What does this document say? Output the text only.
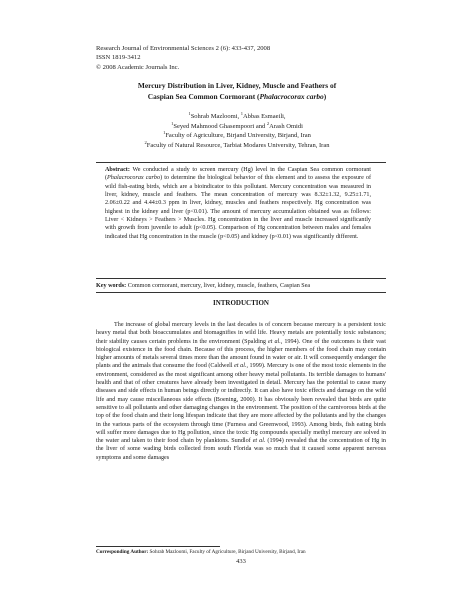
Research Journal of Environmental Sciences 2 (6): 433-437, 2008
ISSN 1819-3412
© 2008 Academic Journals Inc.
Mercury Distribution in Liver, Kidney, Muscle and Feathers of
Caspian Sea Common Cormorant (Phalacrocorax carbo)
$^1$Sohrab Mazloomi, $^1$Abbas Esmaeili,
$^1$Seyed Mahmood Ghasempoori and $^2$Arash Omidi
$^1$Faculty of Agriculture, Birjand University, Birjand, Iran
$^2$Faculty of Natural Resource, Tarbiat Modares University, Tehran, Iran
Abstract: We conducted a study to screen mercury (Hg) level in the Caspian Sea common cormorant (Phalacrocorax carbo) to determine the biological behavior of this element and to assess the exposure of wild fish-eating birds, which are a bioindicator to this pollutant. Mercury concentration was measured in liver, kidney, muscle and feathers. The mean concentration of mercury was 8.32±1.32, 9.25±1.71, 2.06±0.22 and 4.44±0.3 ppm in liver, kidney, muscles and feathers respectively. Hg concentration was highest in the kidney and liver (p<0.01). The amount of mercury accumulation obtained was as follows: Liver < Kidneys > Feathers > Muscles. Hg concentration in the liver and muscle increased significantly with growth from juvenile to adult (p<0.05). Comparison of Hg concentration between males and females indicated that Hg concentration in the muscle (p<0.05) and kidney (p<0.01) was significantly different.
Key words: Common cormorant, mercury, liver, kidney, muscle, feathers, Caspian Sea
INTRODUCTION

The increase of global mercury levels in the last decades is of concern because mercury is a persistent toxic heavy metal that both bioaccumulates and biomagnifies in wild life. Heavy metals are potentially toxic substances; their stability causes certain problems in the environment (Spalding et al., 1994). One of the outcomes is their vast biological existence in the food chain. Because of this process, the higher members of the food chain may contain higher amounts of metals several times more than the amount found in water or air. It will consequently endanger the plants and the animals that consume the food (Caldwell et al., 1999). Mercury is one of the most toxic elements in the environment, considered as the most significant among other heavy metal pollutants. Its terrible damages to humans' health and that of other creatures have already been investigated in detail. Mercury has the potential to cause many diseases and side effects in human beings directly or indirectly. It can also have toxic effects and damage on the wild life and may cause miscellaneous side effects (Boening, 2000). It has obviously been revealed that birds are quite sensitive to all pollutants and other damaging changes in the environment. The position of the carnivorous birds at the top of the food chain and their long lifespan indicate that they are more affected by the pollutants and by the changes in the various parts of the ecosystem through time (Furness and Greenwood, 1993). Among birds, fish eating birds will suffer more damages due to Hg pollution, since the toxic Hg compounds specially methyl mercury are solved in the water and taken to their food chain by planktons. Sundlof et al. (1994) revealed that the concentration of Hg in the liver of some wading birds collected from south Florida was so much that it caused some apparent nervous symptoms and some damages

Corresponding Author: Sohrab Mazloomi, Faculty of Agriculture, Birjand University, Birjand, Iran
433
